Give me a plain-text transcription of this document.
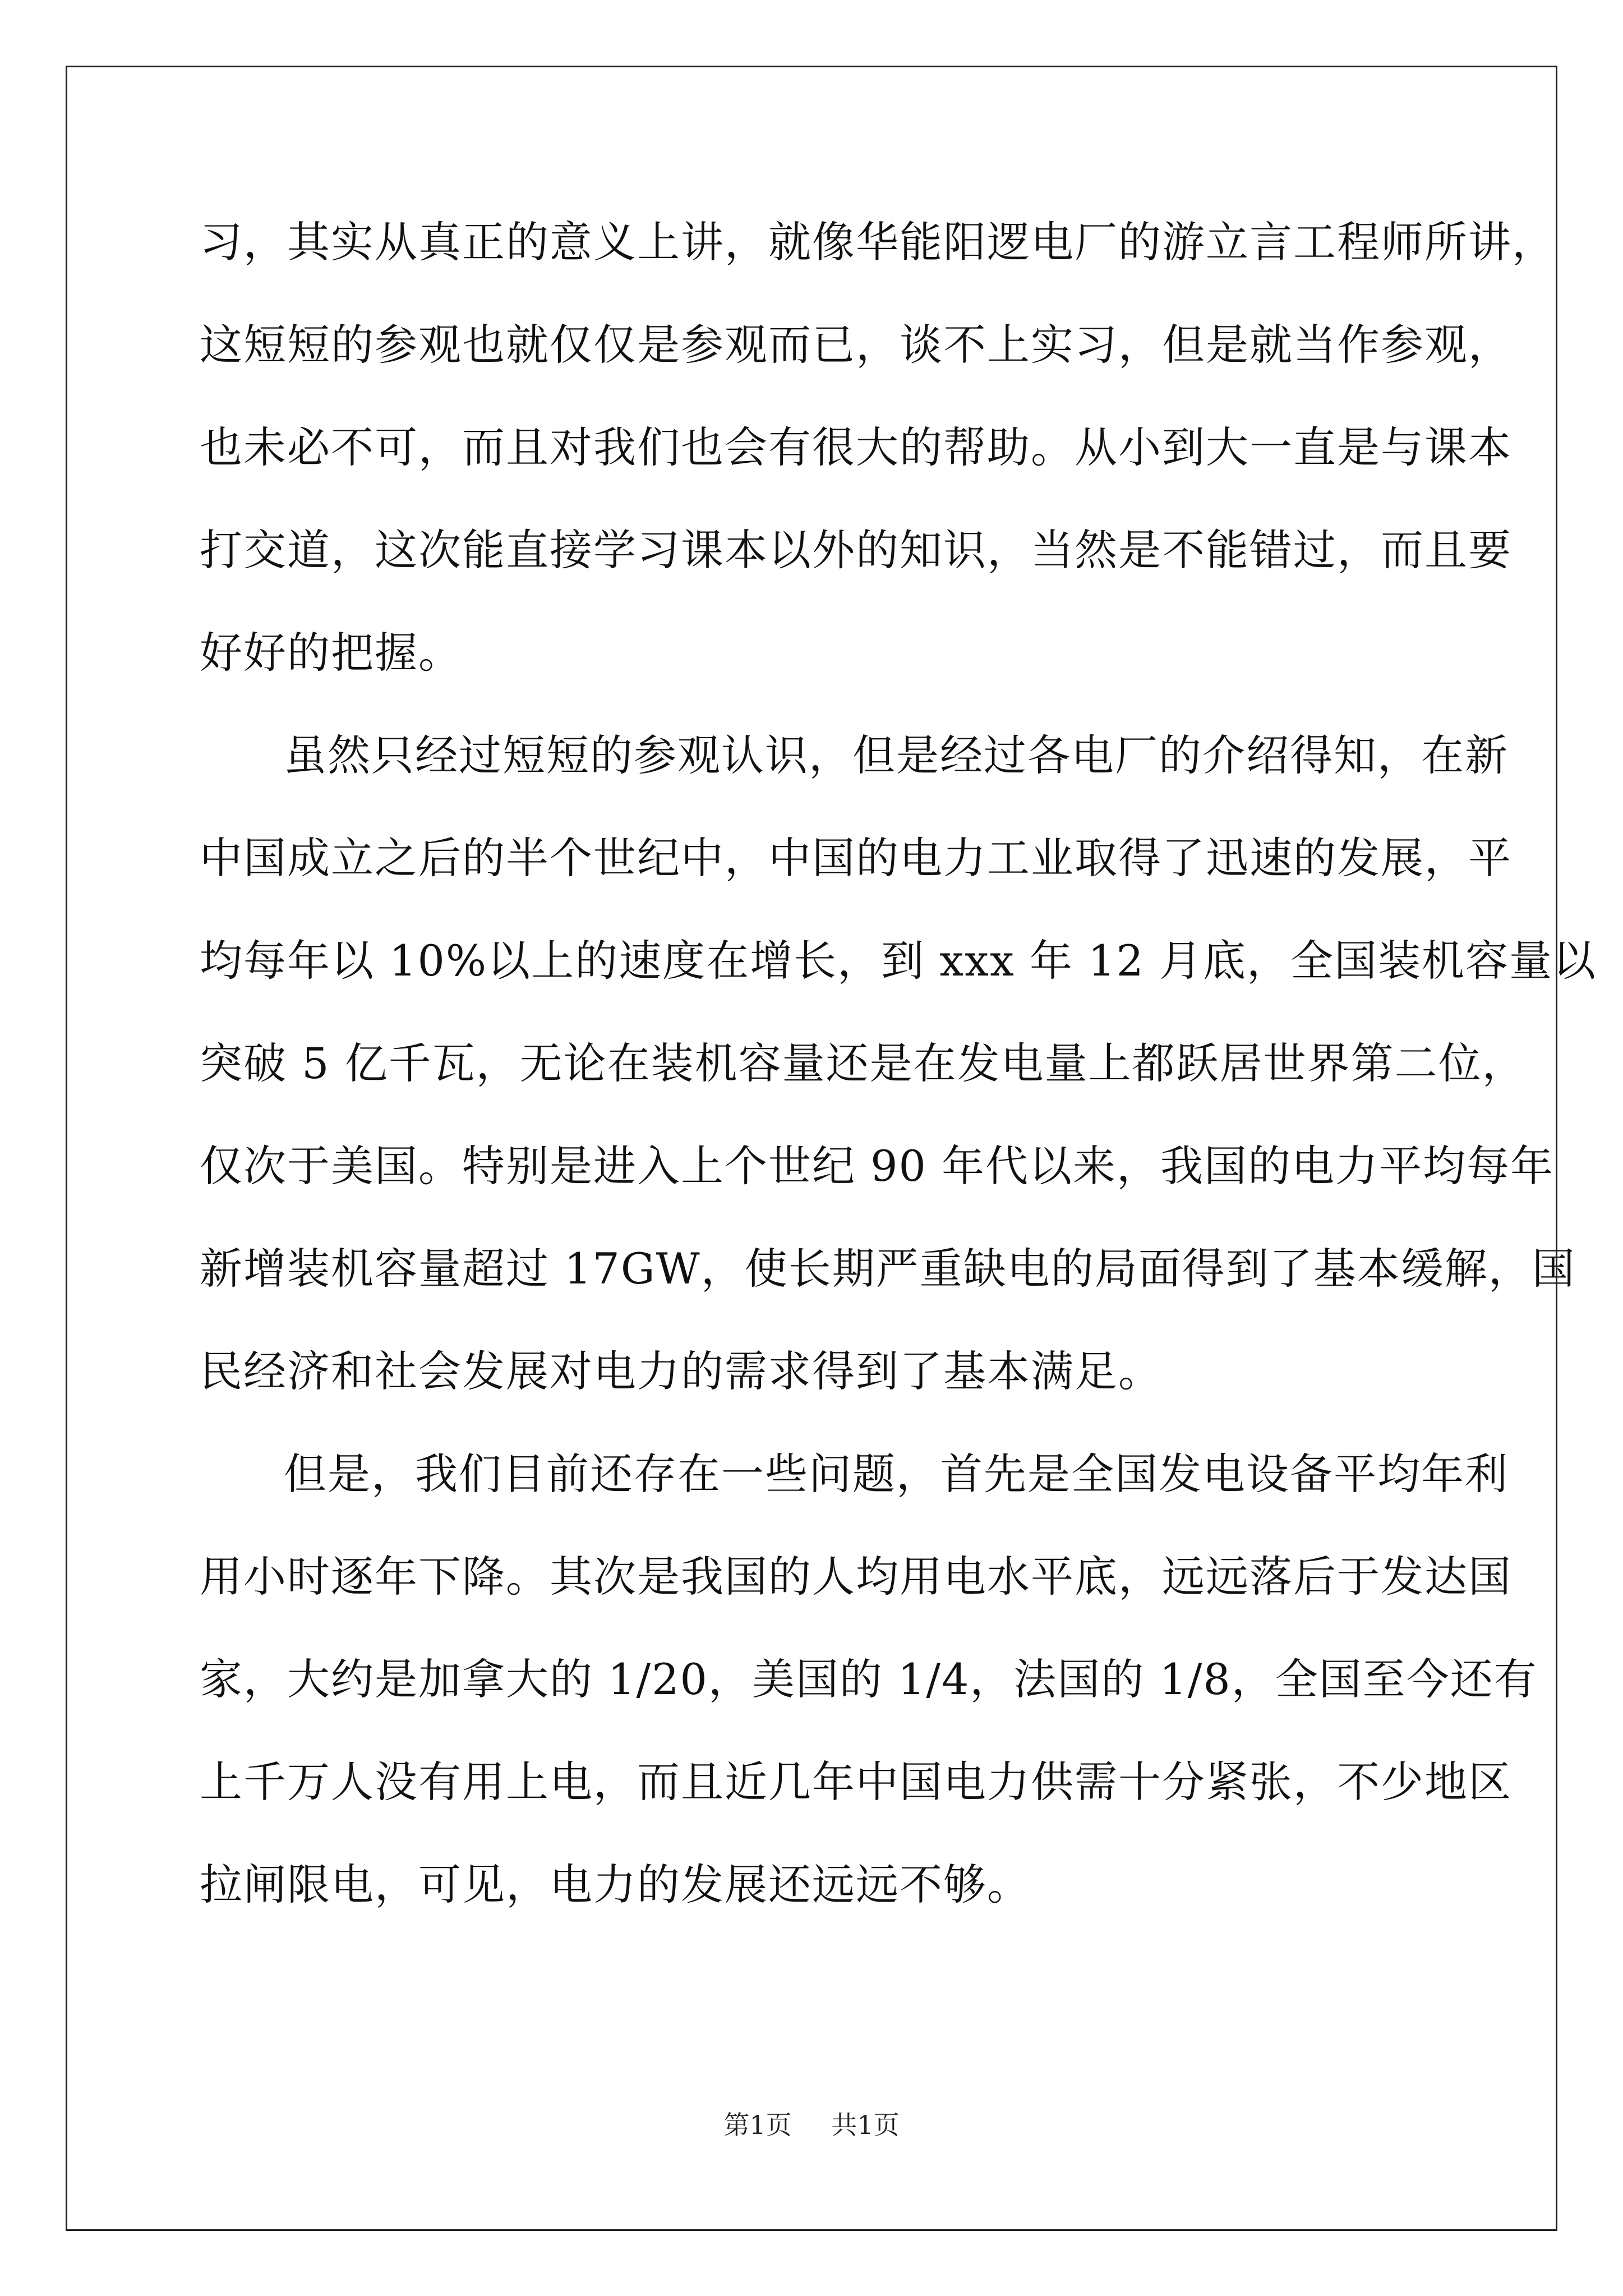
习，其实从真正的意义上讲，就像华能阳逻电厂的游立言工程师所讲，
这短短的参观也就仅仅是参观而已，谈不上实习，但是就当作参观，
也未必不可，而且对我们也会有很大的帮助。从小到大一直是与课本
打交道，这次能直接学习课本以外的知识，当然是不能错过，而且要
好好的把握。
虽然只经过短短的参观认识，但是经过各电厂的介绍得知，在新
中国成立之后的半个世纪中，中国的电力工业取得了迅速的发展，平
均每年以 10%以上的速度在增长，到 xxx 年 12 月底，全国装机容量以
突破 5 亿千瓦，无论在装机容量还是在发电量上都跃居世界第二位，
仅次于美国。特别是进入上个世纪 90 年代以来，我国的电力平均每年
新增装机容量超过 17GW，使长期严重缺电的局面得到了基本缓解，国
民经济和社会发展对电力的需求得到了基本满足。
但是，我们目前还存在一些问题，首先是全国发电设备平均年利
用小时逐年下降。其次是我国的人均用电水平底，远远落后于发达国
家，大约是加拿大的 1/20，美国的 1/4，法国的 1/8，全国至今还有
上千万人没有用上电，而且近几年中国电力供需十分紧张，不少地区
拉闸限电，可见，电力的发展还远远不够。
第1页 共1页
